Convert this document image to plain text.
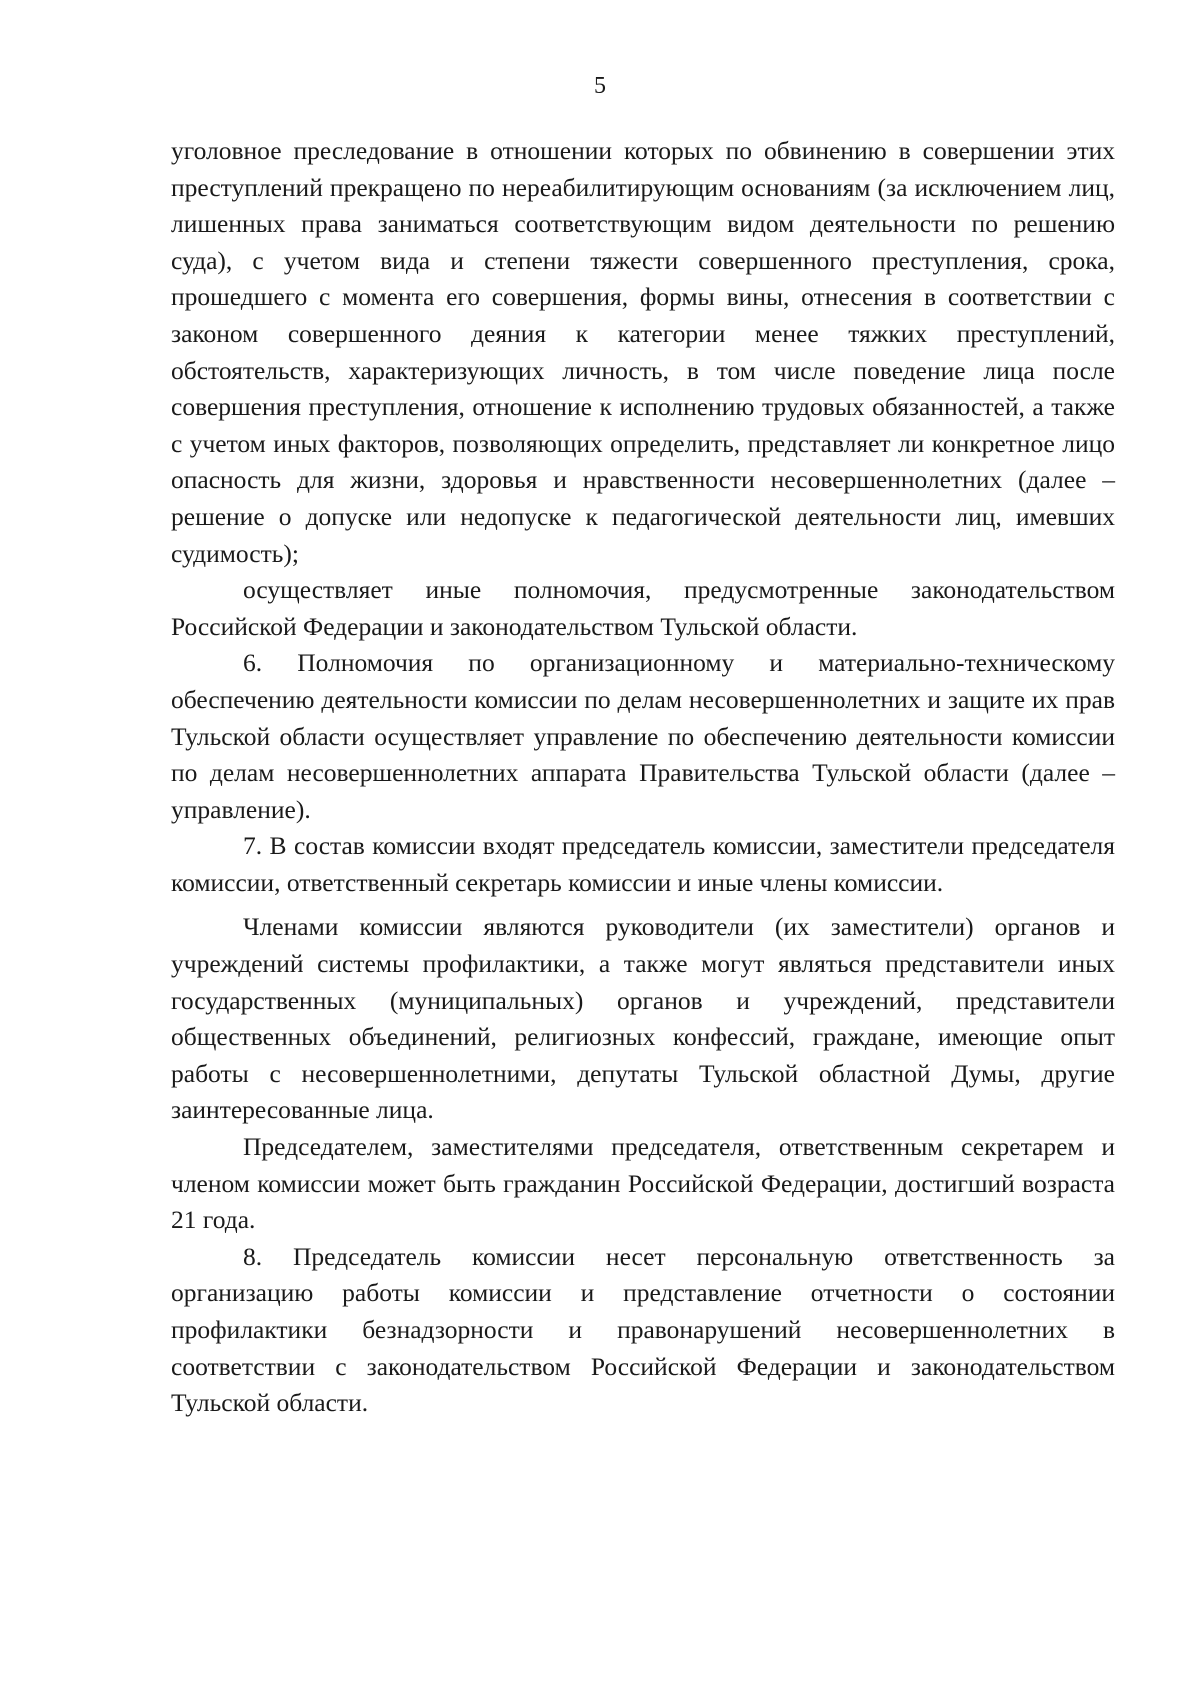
5

уголовное преследование в отношении которых по обвинению в совершении этих преступлений прекращено по нереабилитирующим основаниям (за исключением лиц, лишенных права заниматься соответствующим видом деятельности по решению суда), с учетом вида и степени тяжести совершенного преступления, срока, прошедшего с момента его совершения, формы вины, отнесения в соответствии с законом совершенного деяния к категории менее тяжких преступлений, обстоятельств, характеризующих личность, в том числе поведение лица после совершения преступления, отношение к исполнению трудовых обязанностей, а также с учетом иных факторов, позволяющих определить, представляет ли конкретное лицо опасность для жизни, здоровья и нравственности несовершеннолетних (далее – решение о допуске или недопуске к педагогической деятельности лиц, имевших судимость);

осуществляет иные полномочия, предусмотренные законодательством Российской Федерации и законодательством Тульской области.

6. Полномочия по организационному и материально-техническому обеспечению деятельности комиссии по делам несовершеннолетних и защите их прав Тульской области осуществляет управление по обеспечению деятельности комиссии по делам несовершеннолетних аппарата Правительства Тульской области (далее – управление).

7. В состав комиссии входят председатель комиссии, заместители председателя комиссии, ответственный секретарь комиссии и иные члены комиссии.

Членами комиссии являются руководители (их заместители) органов и учреждений системы профилактики, а также могут являться представители иных государственных (муниципальных) органов и учреждений, представители общественных объединений, религиозных конфессий, граждане, имеющие опыт работы с несовершеннолетними, депутаты Тульской областной Думы, другие заинтересованные лица.

Председателем, заместителями председателя, ответственным секретарем и членом комиссии может быть гражданин Российской Федерации, достигший возраста 21 года.

8. Председатель комиссии несет персональную ответственность за организацию работы комиссии и представление отчетности о состоянии профилактики безнадзорности и правонарушений несовершеннолетних в соответствии с законодательством Российской Федерации и законодательством Тульской области.
